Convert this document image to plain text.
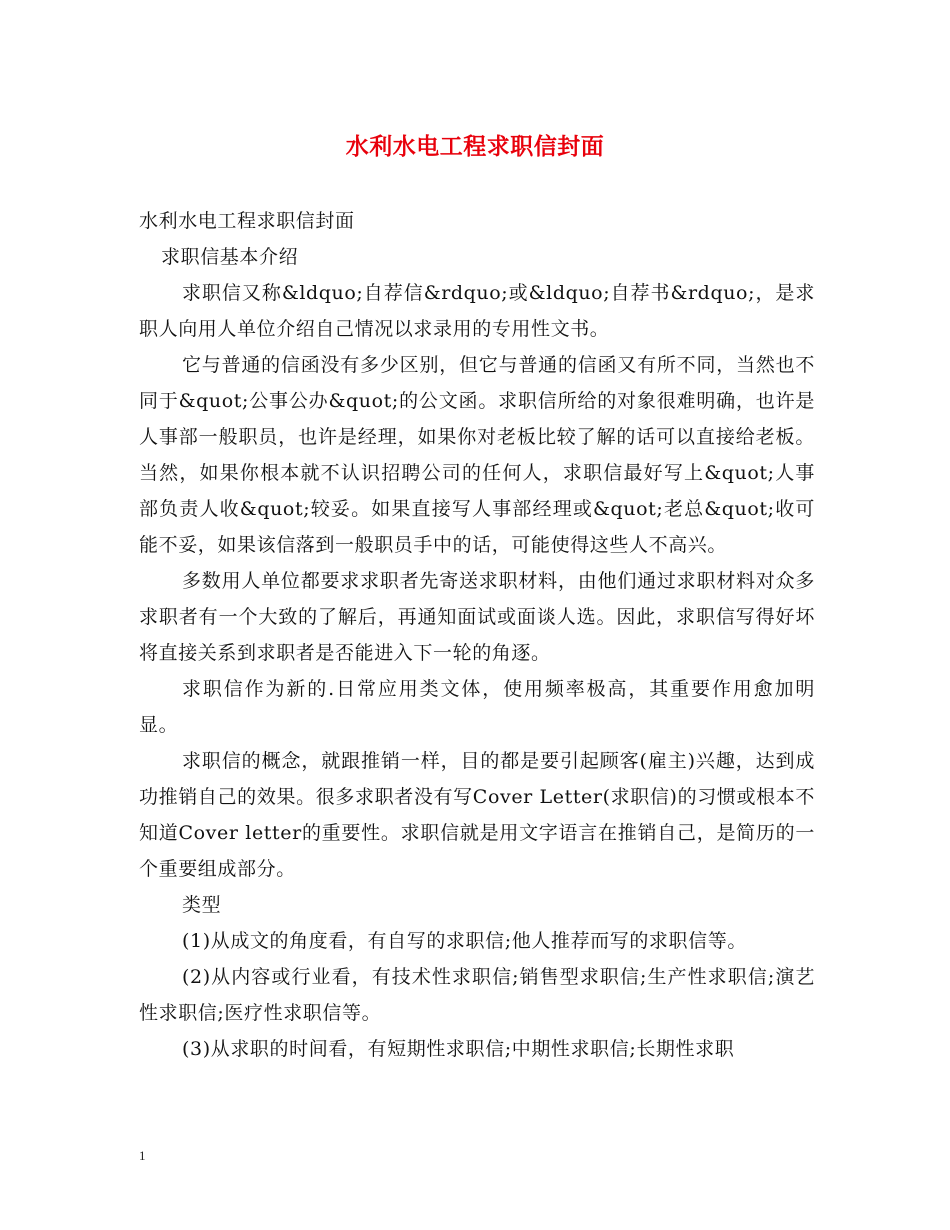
水利水电工程求职信封面

水利水电工程求职信封面

求职信基本介绍

求职信又称&ldquo;自荐信&rdquo;或&ldquo;自荐书&rdquo;，是求职人向用人单位介绍自己情况以求录用的专用性文书。

它与普通的信函没有多少区别，但它与普通的信函又有所不同，当然也不同于&quot;公事公办&quot;的公文函。求职信所给的对象很难明确，也许是人事部一般职员，也许是经理，如果你对老板比较了解的话可以直接给老板。当然，如果你根本就不认识招聘公司的任何人，求职信最好写上&quot;人事部负责人收&quot;较妥。如果直接写人事部经理或&quot;老总&quot;收可能不妥，如果该信落到一般职员手中的话，可能使得这些人不高兴。

多数用人单位都要求求职者先寄送求职材料，由他们通过求职材料对众多求职者有一个大致的了解后，再通知面试或面谈人选。因此，求职信写得好坏将直接关系到求职者是否能进入下一轮的角逐。

求职信作为新的.日常应用类文体，使用频率极高，其重要作用愈加明显。

求职信的概念，就跟推销一样，目的都是要引起顾客(雇主)兴趣，达到成功推销自己的效果。很多求职者没有写Cover Letter(求职信)的习惯或根本不知道Cover letter的重要性。求职信就是用文字语言在推销自己，是简历的一个重要组成部分。

类型

(1)从成文的角度看，有自写的求职信;他人推荐而写的求职信等。

(2)从内容或行业看，有技术性求职信;销售型求职信;生产性求职信;演艺性求职信;医疗性求职信等。

(3)从求职的时间看，有短期性求职信;中期性求职信;长期性求职

1
